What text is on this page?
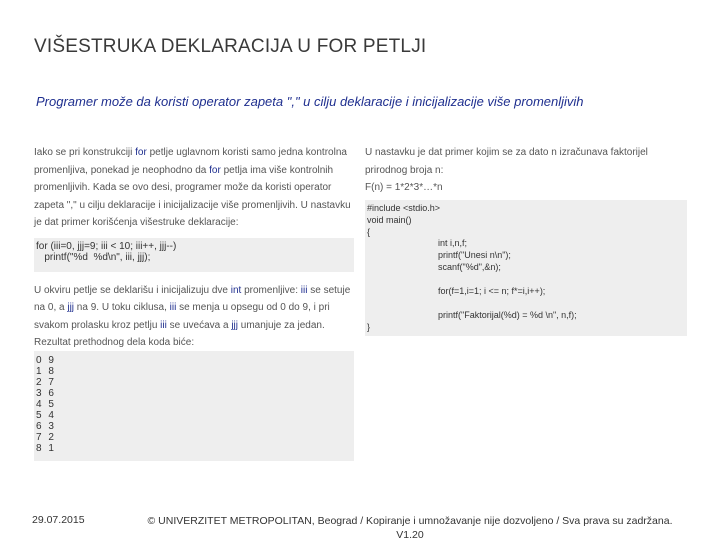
VIŠESTRUKA DEKLARACIJA U FOR PETLJI
Programer može da koristi operator zapeta "," u cilju deklaracije i inicijalizacije više promenljivih

Iako se pri konstrukciji for petlje uglavnom koristi samo jedna kontrolna promenljiva, ponekad je neophodno da for petlja ima više kontrolnih promenljivih. Kada se ovo desi, programer može da koristi operator zapeta "," u cilju deklaracije i inicijalizacije više promenljivih. U nastavku je dat primer korišćenja višestruke deklaracije:

for (iii=0, jjj=9; iii < 10; iii++, jjj--)
printf("%d  %d\n", iii, jjj);

U okviru petlje se deklarišu i inicijalizuju dve int promenljive: iii se setuje na 0, a jjj na 9. U toku ciklusa, iii se menja u opsegu od 0 do 9, i pri svakom prolasku kroz petlju iii se uvećava a jjj umanjuje za jedan. Rezultat prethodnog dela koda biće:

0 9
1 8
2 7
3 6
4 5
5 4
6 3
7 2
8 1

U nastavku je dat primer kojim se za dato n izračunava faktorijel prirodnog broja n:
F(n) = 1*2*3*…*n

#include <stdio.h>
void main()
{
int i,n,f;
printf("Unesi n\n");
scanf("%d",&n);
for(f=1,i=1; i <= n; f*=i,i++);
printf("Faktorijal(%d) = %d \n", n,f);
}
29.07.2015	© UNIVERZITET METROPOLITAN, Beograd / Kopiranje i umnožavanje nije dozvoljeno / Sva prava su zadržana.
V1.20
